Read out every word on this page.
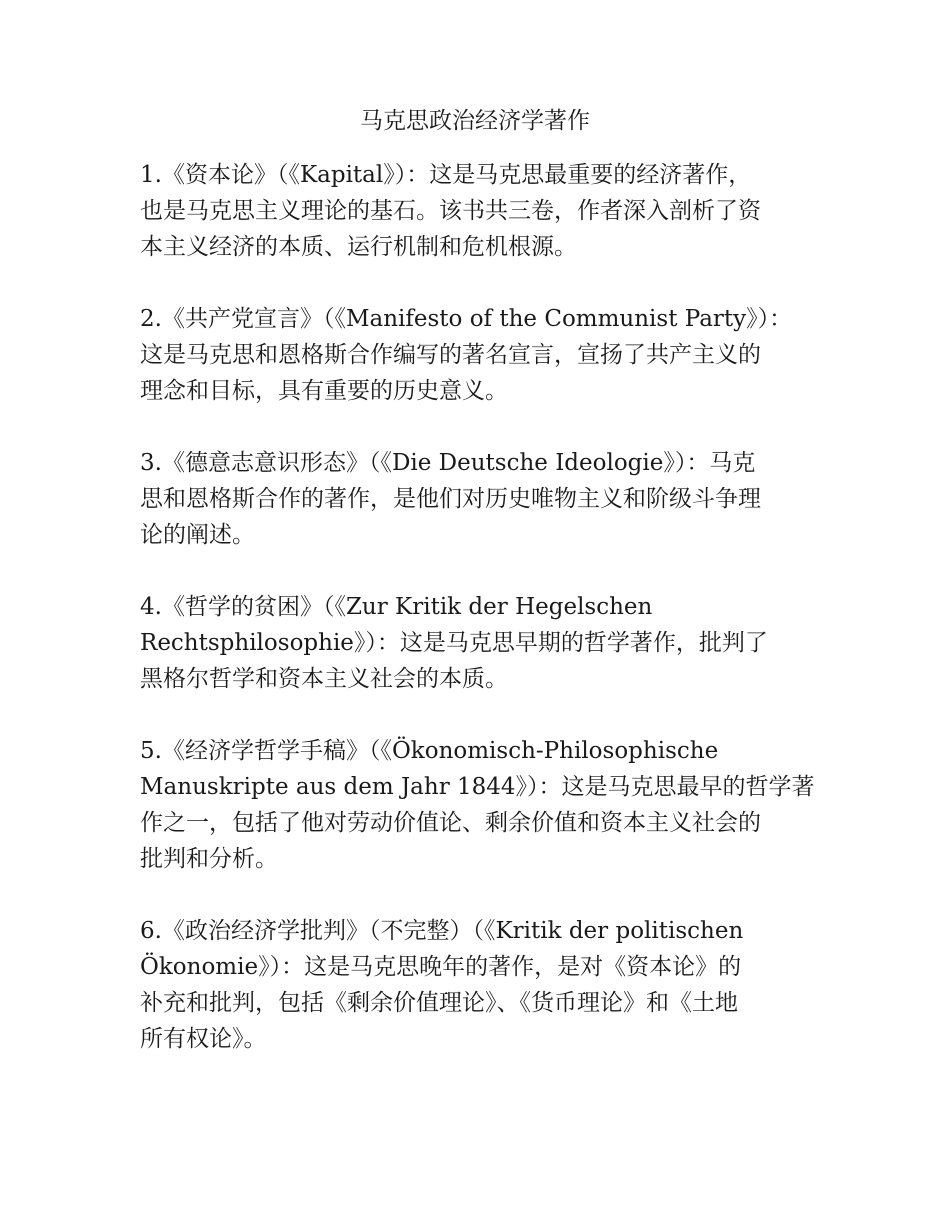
马克思政治经济学著作
1.《资本论》（《Kapital》）：这是马克思最重要的经济著作，
也是马克思主义理论的基石。该书共三卷，作者深入剖析了资
本主义经济的本质、运行机制和危机根源。
2.《共产党宣言》（《Manifesto of the Communist Party》）：
这是马克思和恩格斯合作编写的著名宣言，宣扬了共产主义的
理念和目标，具有重要的历史意义。
3.《德意志意识形态》（《Die Deutsche Ideologie》）：马克
思和恩格斯合作的著作，是他们对历史唯物主义和阶级斗争理
论的阐述。
4.《哲学的贫困》（《Zur Kritik der Hegelschen
Rechtsphilosophie》）：这是马克思早期的哲学著作，批判了
黑格尔哲学和资本主义社会的本质。
5.《经济学哲学手稿》（《Ökonomisch-Philosophische
Manuskripte aus dem Jahr 1844》）：这是马克思最早的哲学著
作之一，包括了他对劳动价值论、剩余价值和资本主义社会的
批判和分析。
6.《政治经济学批判》（不完整）（《Kritik der politischen
Ökonomie》）：这是马克思晚年的著作，是对《资本论》的
补充和批判，包括《剩余价值理论》、《货币理论》和《土地
所有权论》。
